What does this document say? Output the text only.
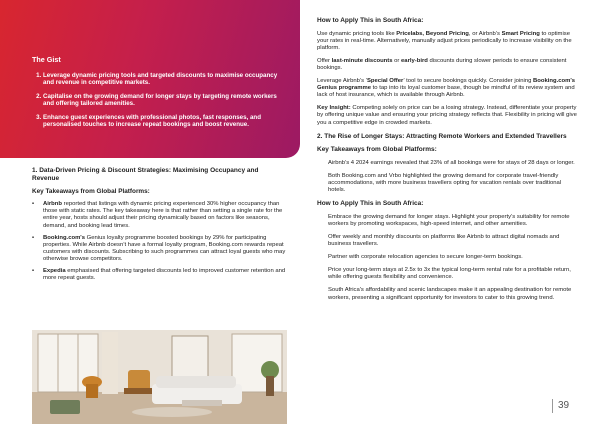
The Gist
1. Leverage dynamic pricing tools and targeted discounts to maximise occupancy and revenue in competitive markets.
2. Capitalise on the growing demand for longer stays by targeting remote workers and offering tailored amenities.
3. Enhance guest experiences with professional photos, fast responses, and personalised touches to increase repeat bookings and boost revenue.
1. Data-Driven Pricing & Discount Strategies: Maximising Occupancy and Revenue
Key Takeaways from Global Platforms:
• Airbnb reported that listings with dynamic pricing experienced 30% higher occupancy than those with static rates. The key takeaway here is that rather than setting a single rate for the entire year, hosts should adjust their pricing dynamically based on factors like seasons, demand, and booking lead times.
• Booking.com's Genius loyalty programme boosted bookings by 29% for participating properties. While Airbnb doesn’t have a formal loyalty program, Booking.com rewards repeat customers with discounts. Subscribing to such programmes can attract loyal guests who may otherwise browse competitors.
• Expedia emphasised that offering targeted discounts led to improved customer retention and more repeat guests.
How to Apply This in South Africa:

Use dynamic pricing tools like Pricelabs, Beyond Pricing, or Airbnb’s Smart Pricing to optimise your rates in real-time. Alternatively, manually adjust prices periodically to increase visibility on the platform.

Offer last-minute discounts or early-bird discounts during slower periods to ensure consistent bookings.

Leverage Airbnb’s ‘Special Offer’ tool to secure bookings quickly. Consider joining Booking.com's Genius programme to tap into its loyal customer base, though be mindful of its review system and lack of host insurance, which is available through Airbnb.

Key Insight: Competing solely on price can be a losing strategy. Instead, differentiate your property by offering unique value and ensuring your pricing strategy reflects that. Flexibility in pricing will give you a competitive edge in crowded markets.

2. The Rise of Longer Stays: Attracting Remote Workers and Extended Travellers
Key Takeaways from Global Platforms:

Airbnb’s 4 2024 earnings revealed that 23% of all bookings were for stays of 28 days or longer.

Both Booking.com and Vrbo highlighted the growing demand for corporate travel-friendly accommodations, with more business travellers opting for vacation rentals over traditional hotels.

How to Apply This in South Africa:

Embrace the growing demand for longer stays. Highlight your property’s suitability for remote workers by promoting workspaces, high-speed internet, and other amenities.

Offer weekly and monthly discounts on platforms like Airbnb to attract digital nomads and business travellers.

Partner with corporate relocation agencies to secure longer-term bookings.

Price your long-term stays at 2.5x to 3x the typical long-term rental rate for a profitable return, while offering guests flexibility and convenience.

South Africa's affordability and scenic landscapes make it an appealing destination for remote workers, presenting a significant opportunity for investors to cater to this growing trend.

39
